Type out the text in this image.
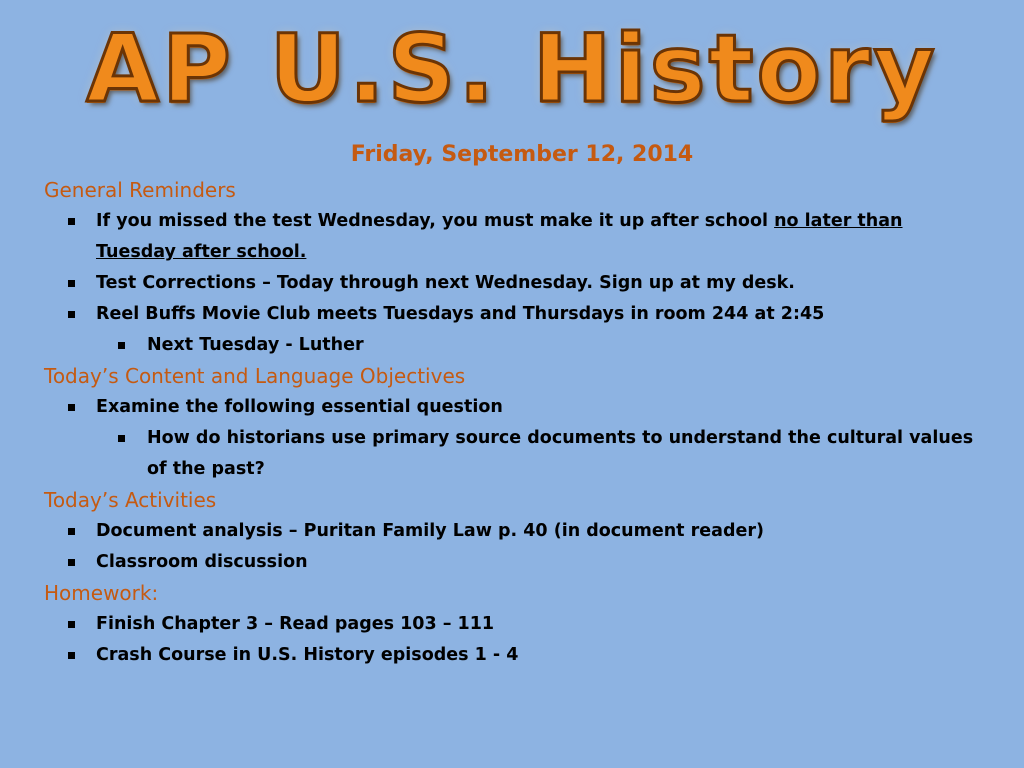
AP U.S. History
Friday, September 12, 2014
General Reminders
If you missed the test Wednesday, you must make it up after school no later than Tuesday after school.
Test Corrections – Today through next Wednesday. Sign up at my desk.
Reel Buffs Movie Club meets Tuesdays and Thursdays in room 244 at 2:45
Next Tuesday - Luther
Today’s Content and Language Objectives
Examine the following essential question
How do historians use primary source documents to understand the cultural values of the past?
Today’s Activities
Document analysis – Puritan Family Law p. 40 (in document reader)
Classroom discussion
Homework:
Finish Chapter 3 – Read pages 103 – 111
Crash Course in U.S. History episodes 1 - 4
